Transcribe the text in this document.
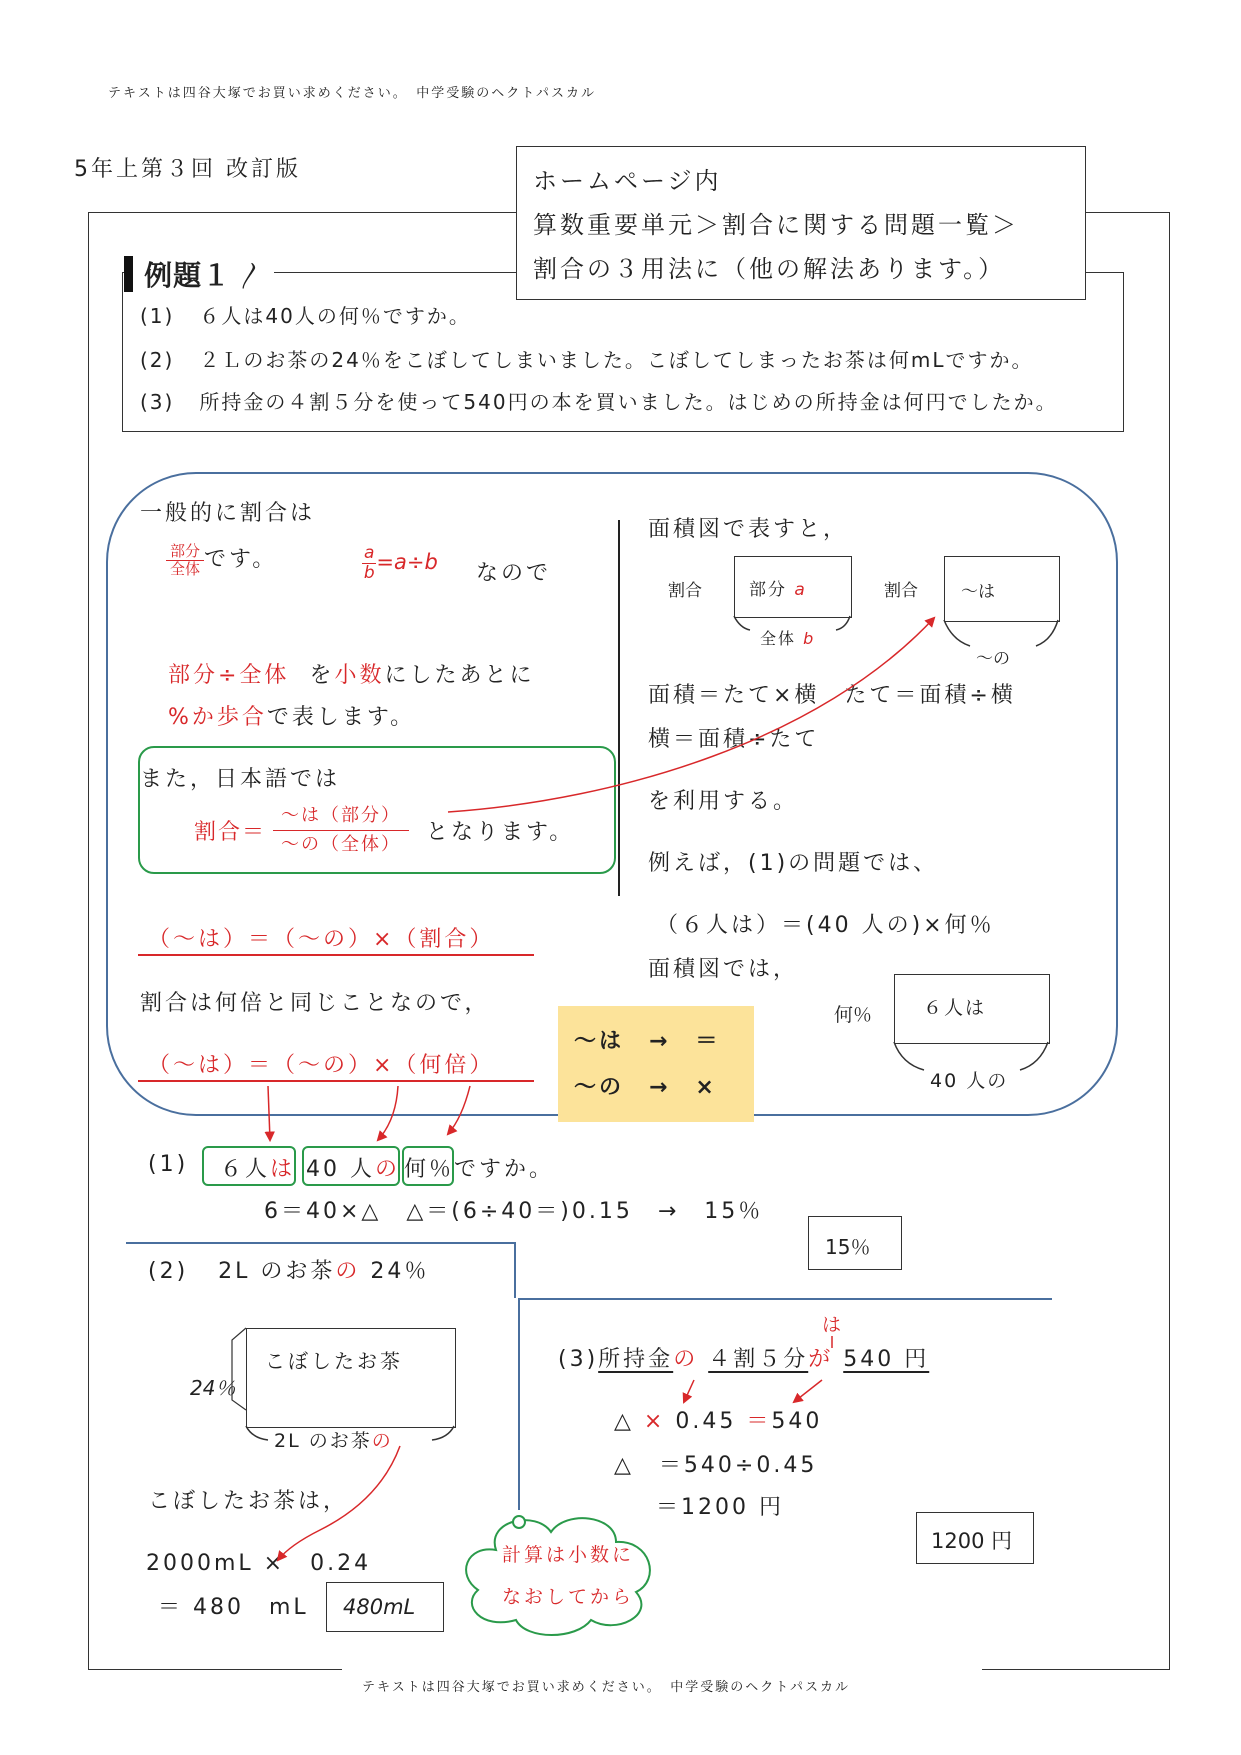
テキストは四谷大塚でお買い求めください。　中学受験のヘクトパスカル
5年上第３回 改訂版	ホームページ内
算数重要単元＞割合に関する問題一覧＞
割合の３用法に（他の解法あります。）
例題１ 〳
(1) ６人は40人の何％ですか。
(2) ２Ｌのお茶の24％をこぼしてしまいました。こぼしてしまったお茶は何mLですか。
(3) 所持金の４割５分を使って540円の本を買いました。はじめの所持金は何円でしたか。
一般的に割合は
$\frac{\text{部分}}{\text{全体}}$ です。	$\frac{a}{b} =a\div b$ なので
部分÷全体 を小数にしたあとに
%か歩合で表します。
また，日本語では
割合＝ $\frac{\text{～は（部分）}}{\text{～の（全体）}}$ となります。
（～は）＝（～の）×（割合）
割合は何倍と同じことなので，
（～は）＝（～の）×（何倍）
～は　→　＝
～の　→　×
面積図で表すと，
割合	部分 a
全体 b
割合	～は
～の
面積＝たて×横　たて＝面積÷横
横＝面積÷たて
を利用する。
例えば，(1)の問題では、
（６人は）＝(40 人の)×何％
面積図では，
何％	６人は
40 人の
(1) ６人は 40 人の 何％ですか。
6＝40×△　△＝(6÷40＝)0.15　→　15％
15％
(2) 2L のお茶の 24％
こぼしたお茶
24％
2L のお茶の
こぼしたお茶は，
2000mL ×　0.24
＝ 480　mL 480mL
は
(3)所持金の ４割５分が 540 円
△ × 0.45 ＝540
△　＝540÷0.45
＝1200 円
1200 円
計算は小数に
なおしてから
テキストは四谷大塚でお買い求めください。　中学受験のヘクトパスカル
